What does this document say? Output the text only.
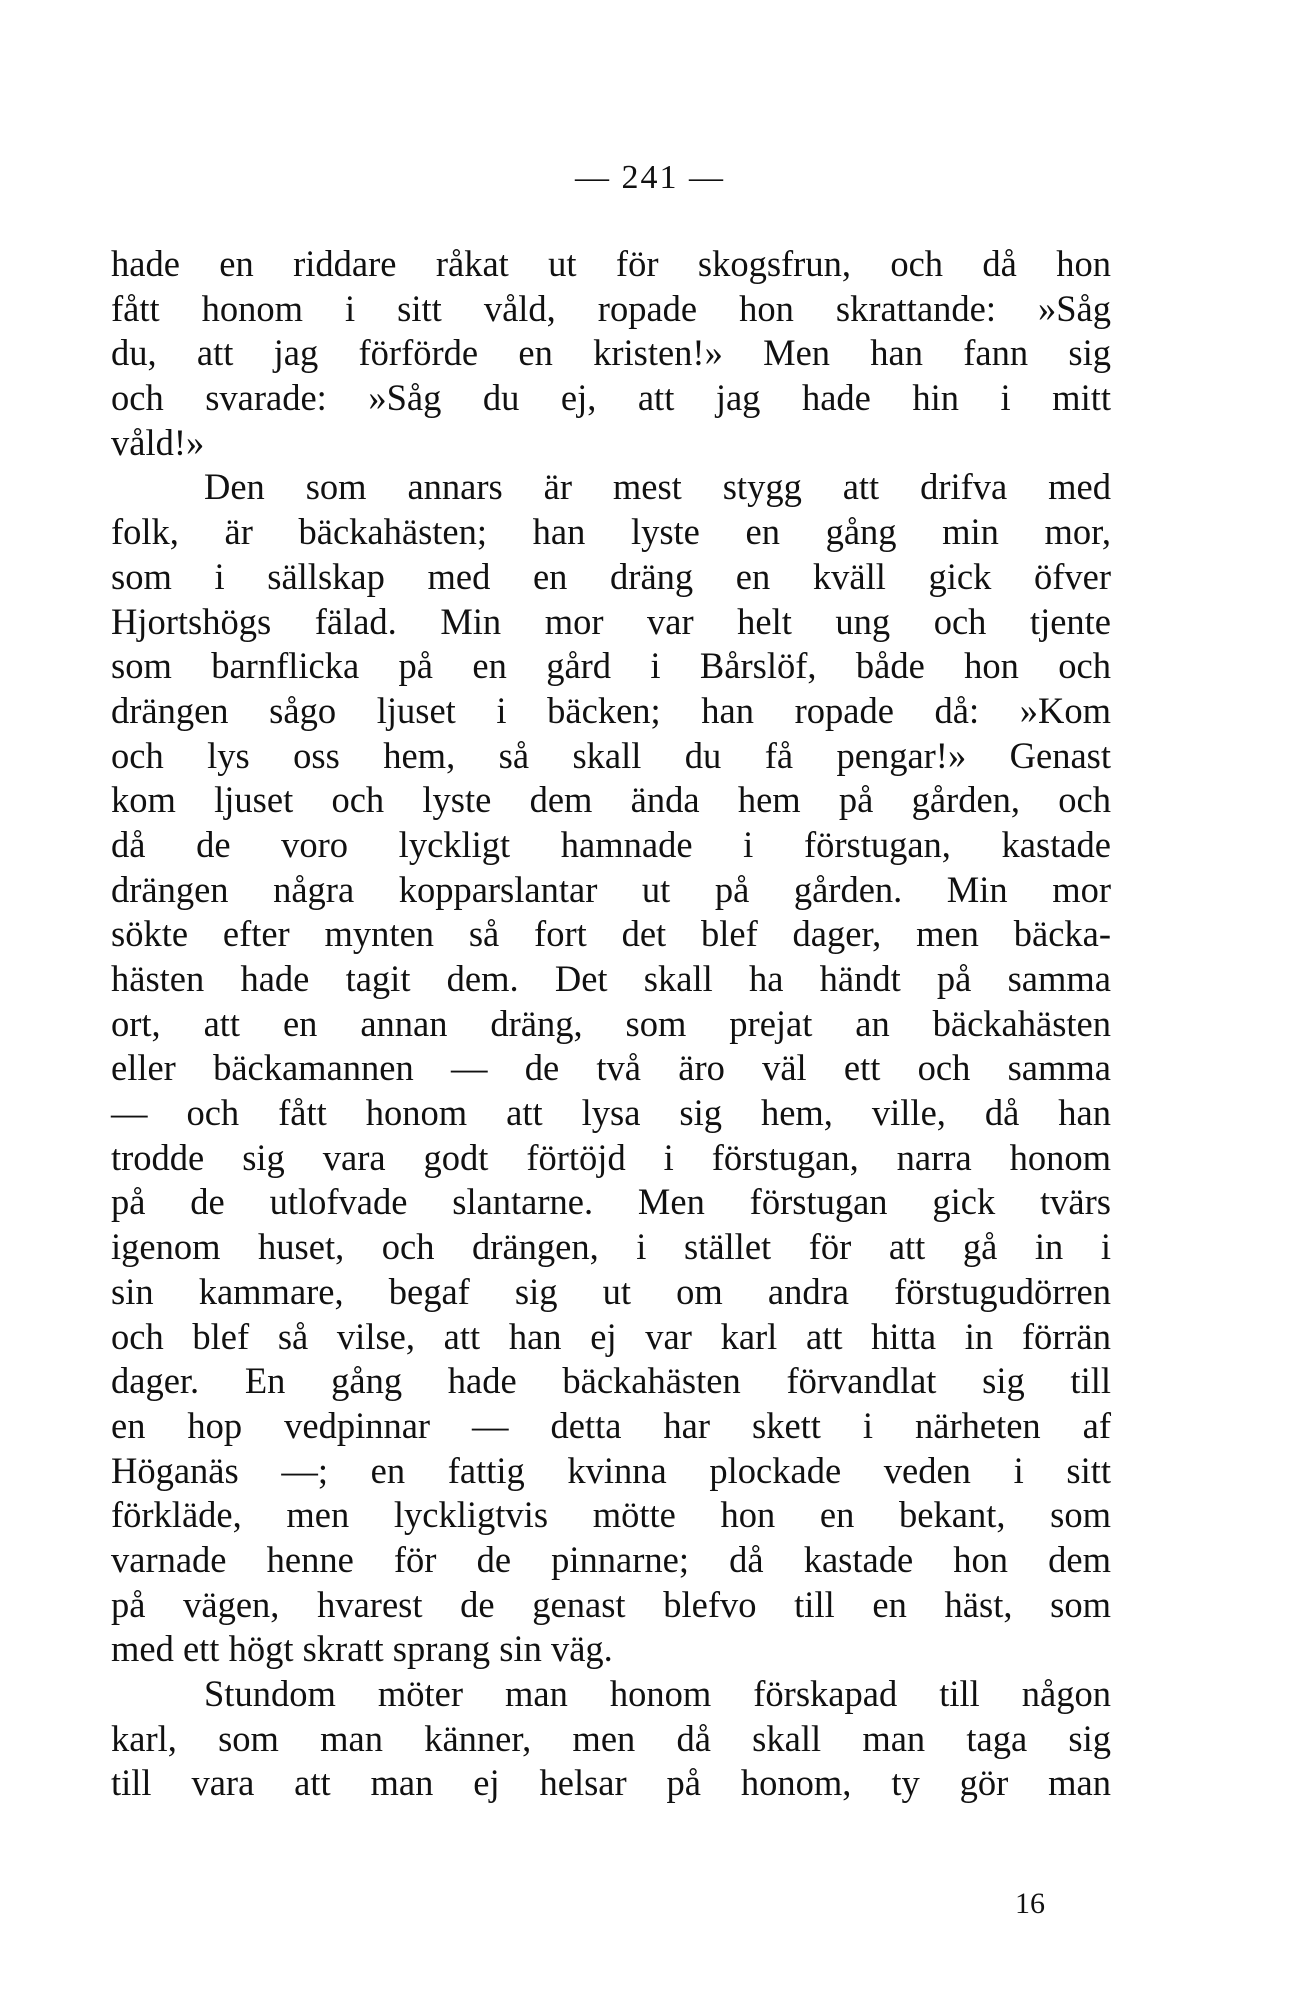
— 241 —
hade en riddare råkat ut för skogsfrun, och då hon
fått honom i sitt våld, ropade hon skrattande: »Såg
du, att jag förförde en kristen!» Men han fann sig
och svarade: »Såg du ej, att jag hade hin i mitt
våld!»
Den som annars är mest stygg att drifva med
folk, är bäckahästen; han lyste en gång min mor,
som i sällskap med en dräng en kväll gick öfver
Hjortshögs fälad. Min mor var helt ung och tjente
som barnflicka på en gård i Bårslöf, både hon och
drängen sågo ljuset i bäcken; han ropade då: »Kom
och lys oss hem, så skall du få pengar!» Genast
kom ljuset och lyste dem ända hem på gården, och
då de voro lyckligt hamnade i förstugan, kastade
drängen några kopparslantar ut på gården. Min mor
sökte efter mynten så fort det blef dager, men bäcka-
hästen hade tagit dem. Det skall ha händt på samma
ort, att en annan dräng, som prejat an bäckahästen
eller bäckamannen — de två äro väl ett och samma
— och fått honom att lysa sig hem, ville, då han
trodde sig vara godt förtöjd i förstugan, narra honom
på de utlofvade slantarne. Men förstugan gick tvärs
igenom huset, och drängen, i stället för att gå in i
sin kammare, begaf sig ut om andra förstugudörren
och blef så vilse, att han ej var karl att hitta in förrän
dager. En gång hade bäckahästen förvandlat sig till
en hop vedpinnar — detta har skett i närheten af
Höganäs —; en fattig kvinna plockade veden i sitt
förkläde, men lyckligtvis mötte hon en bekant, som
varnade henne för de pinnarne; då kastade hon dem
på vägen, hvarest de genast blefvo till en häst, som
med ett högt skratt sprang sin väg.
Stundom möter man honom förskapad till någon
karl, som man känner, men då skall man taga sig
till vara att man ej helsar på honom, ty gör man
16
